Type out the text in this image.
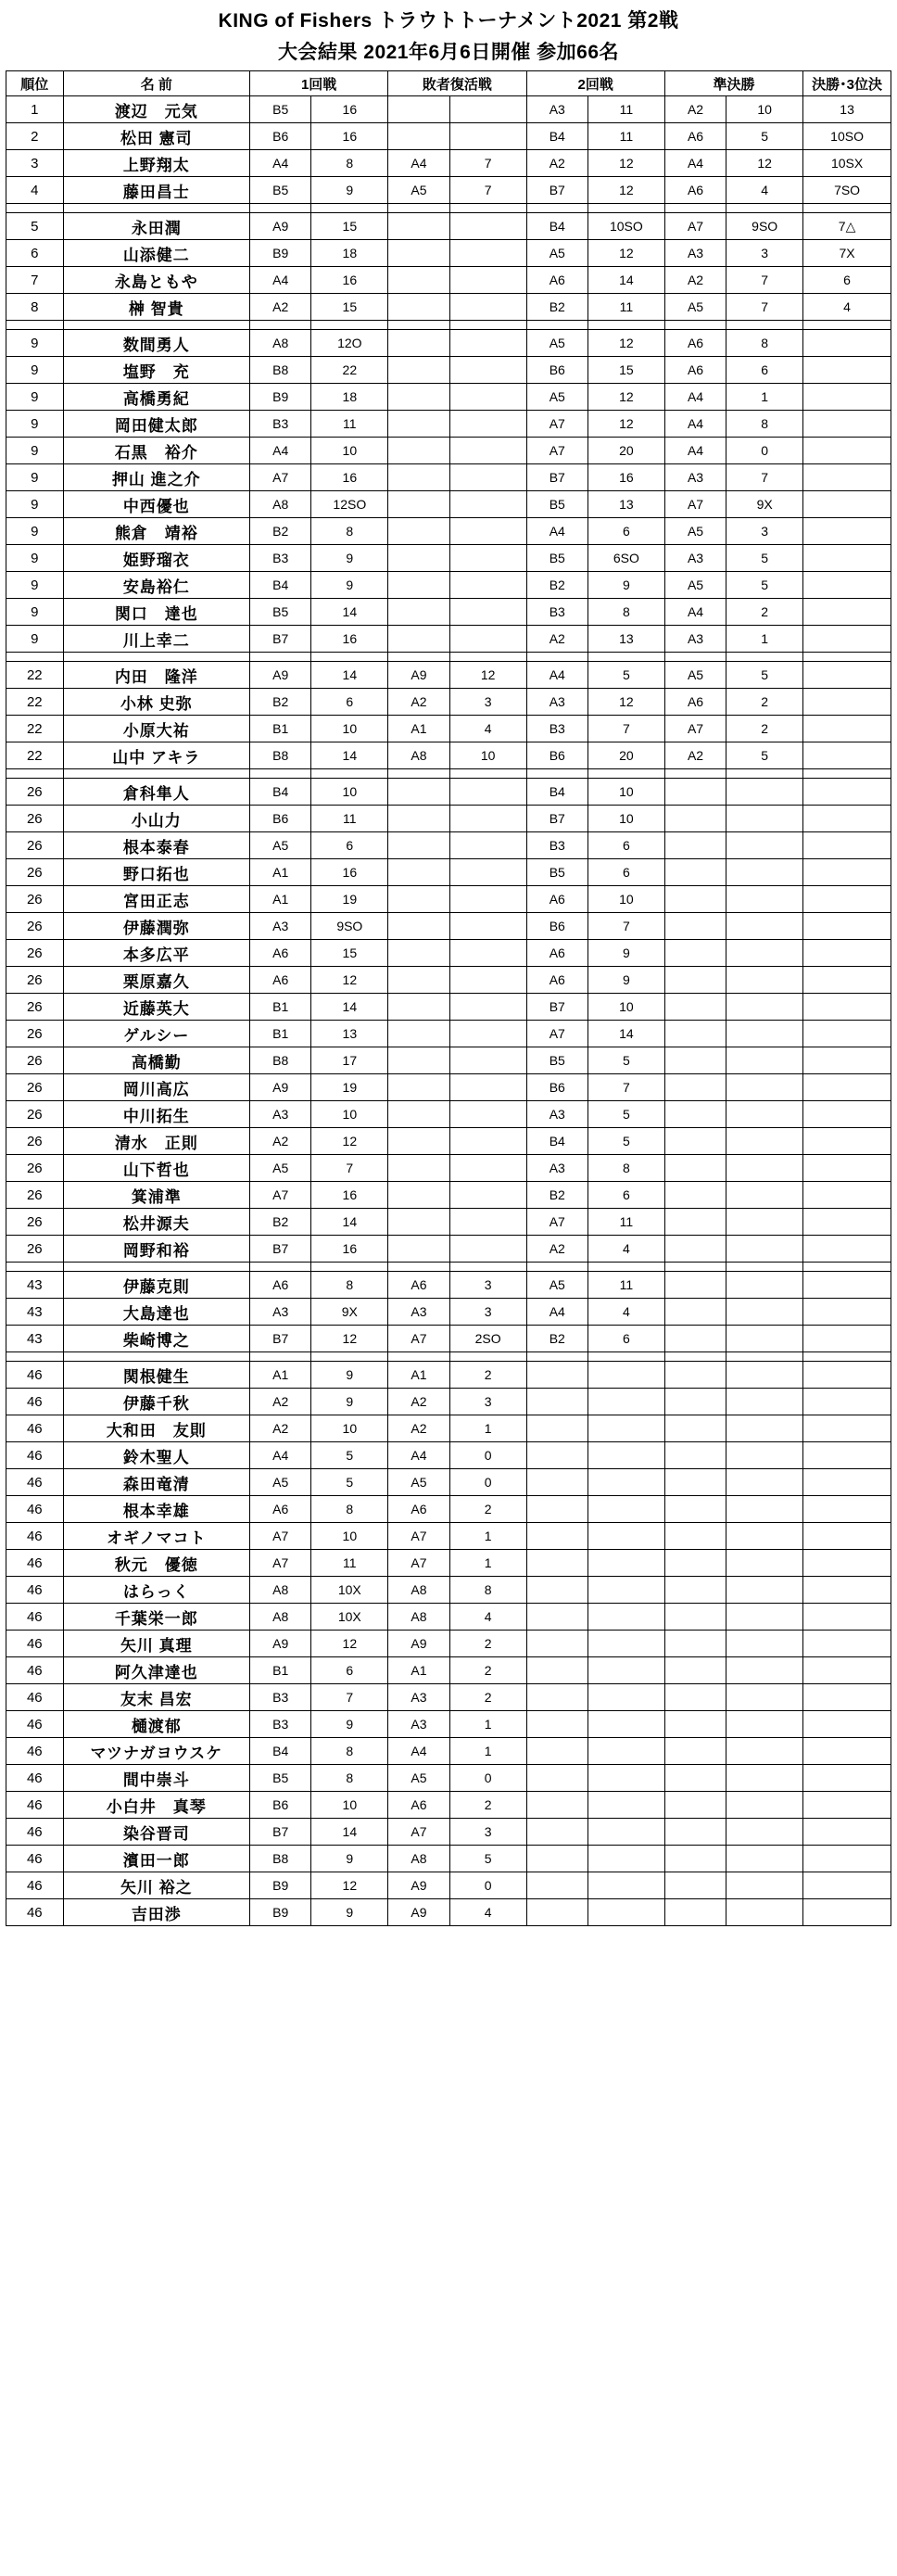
KING of Fishers トラウトトーナメント2021 第2戦
大会結果 2021年6月6日開催 参加66名
順位	名 前	1回戦		敗者復活戦		2回戦		準決勝		決勝･3位決
1	渡辺　元気	B5	16			A3	11	A2	10	13
2	松田 憲司	B6	16			B4	11	A6	5	10SO
3	上野翔太	A4	8	A4	7	A2	12	A4	12	10SX
4	藤田昌士	B5	9	A5	7	B7	12	A6	4	7SO

5	永田潤	A9	15			B4	10SO	A7	9SO	7△
6	山添健二	B9	18			A5	12	A3	3	7X
7	永島ともや	A4	16			A6	14	A2	7	6
8	榊 智貴	A2	15			B2	11	A5	7	4

9	数間勇人	A8	12O			A5	12	A6	8	
9	塩野　充	B8	22			B6	15	A6	6	
9	高橋勇紀	B9	18			A5	12	A4	1	
9	岡田健太郎	B3	11			A7	12	A4	8	
9	石黒　裕介	A4	10			A7	20	A4	0	
9	押山 進之介	A7	16			B7	16	A3	7	
9	中西優也	A8	12SO			B5	13	A7	9X	
9	熊倉　靖裕	B2	8			A4	6	A5	3	
9	姫野瑠衣	B3	9			B5	6SO	A3	5	
9	安島裕仁	B4	9			B2	9	A5	5	
9	関口　達也	B5	14			B3	8	A4	2	
9	川上幸二	B7	16			A2	13	A3	1	

22	内田　隆洋	A9	14	A9	12	A4	5	A5	5	
22	小林 史弥	B2	6	A2	3	A3	12	A6	2	
22	小原大祐	B1	10	A1	4	B3	7	A7	2	
22	山中 アキラ	B8	14	A8	10	B6	20	A2	5	

26	倉科隼人	B4	10			B4	10			
26	小山力	B6	11			B7	10			
26	根本泰春	A5	6			B3	6			
26	野口拓也	A1	16			B5	6			
26	宮田正志	A1	19			A6	10			
26	伊藤潤弥	A3	9SO			B6	7			
26	本多広平	A6	15			A6	9			
26	栗原嘉久	A6	12			A6	9			
26	近藤英大	B1	14			B7	10			
26	ゲルシー	B1	13			A7	14			
26	高橋勤	B8	17			B5	5			
26	岡川高広	A9	19			B6	7			
26	中川拓生	A3	10			A3	5			
26	清水　正則	A2	12			B4	5			
26	山下哲也	A5	7			A3	8			
26	箕浦準	A7	16			B2	6			
26	松井源夫	B2	14			A7	11			
26	岡野和裕	B7	16			A2	4			

43	伊藤克則	A6	8	A6	3	A5	11			
43	大島達也	A3	9X	A3	3	A4	4			
43	柴崎博之	B7	12	A7	2SO	B2	6			

46	関根健生	A1	9	A1	2					
46	伊藤千秋	A2	9	A2	3					
46	大和田　友則	A2	10	A2	1					
46	鈴木聖人	A4	5	A4	0					
46	森田竜清	A5	5	A5	0					
46	根本幸雄	A6	8	A6	2					
46	オギノマコト	A7	10	A7	1					
46	秋元　優徳	A7	11	A7	1					
46	はらっく	A8	10X	A8	8					
46	千葉栄一郎	A8	10X	A8	4					
46	矢川 真理	A9	12	A9	2					
46	阿久津達也	B1	6	A1	2					
46	友末 昌宏	B3	7	A3	2					
46	樋渡郁	B3	9	A3	1					
46	マツナガヨウスケ	B4	8	A4	1					
46	間中崇斗	B5	8	A5	0					
46	小白井　真琴	B6	10	A6	2					
46	染谷晋司	B7	14	A7	3					
46	濱田一郎	B8	9	A8	5					
46	矢川 裕之	B9	12	A9	0					
46	吉田渉	B9	9	A9	4					
